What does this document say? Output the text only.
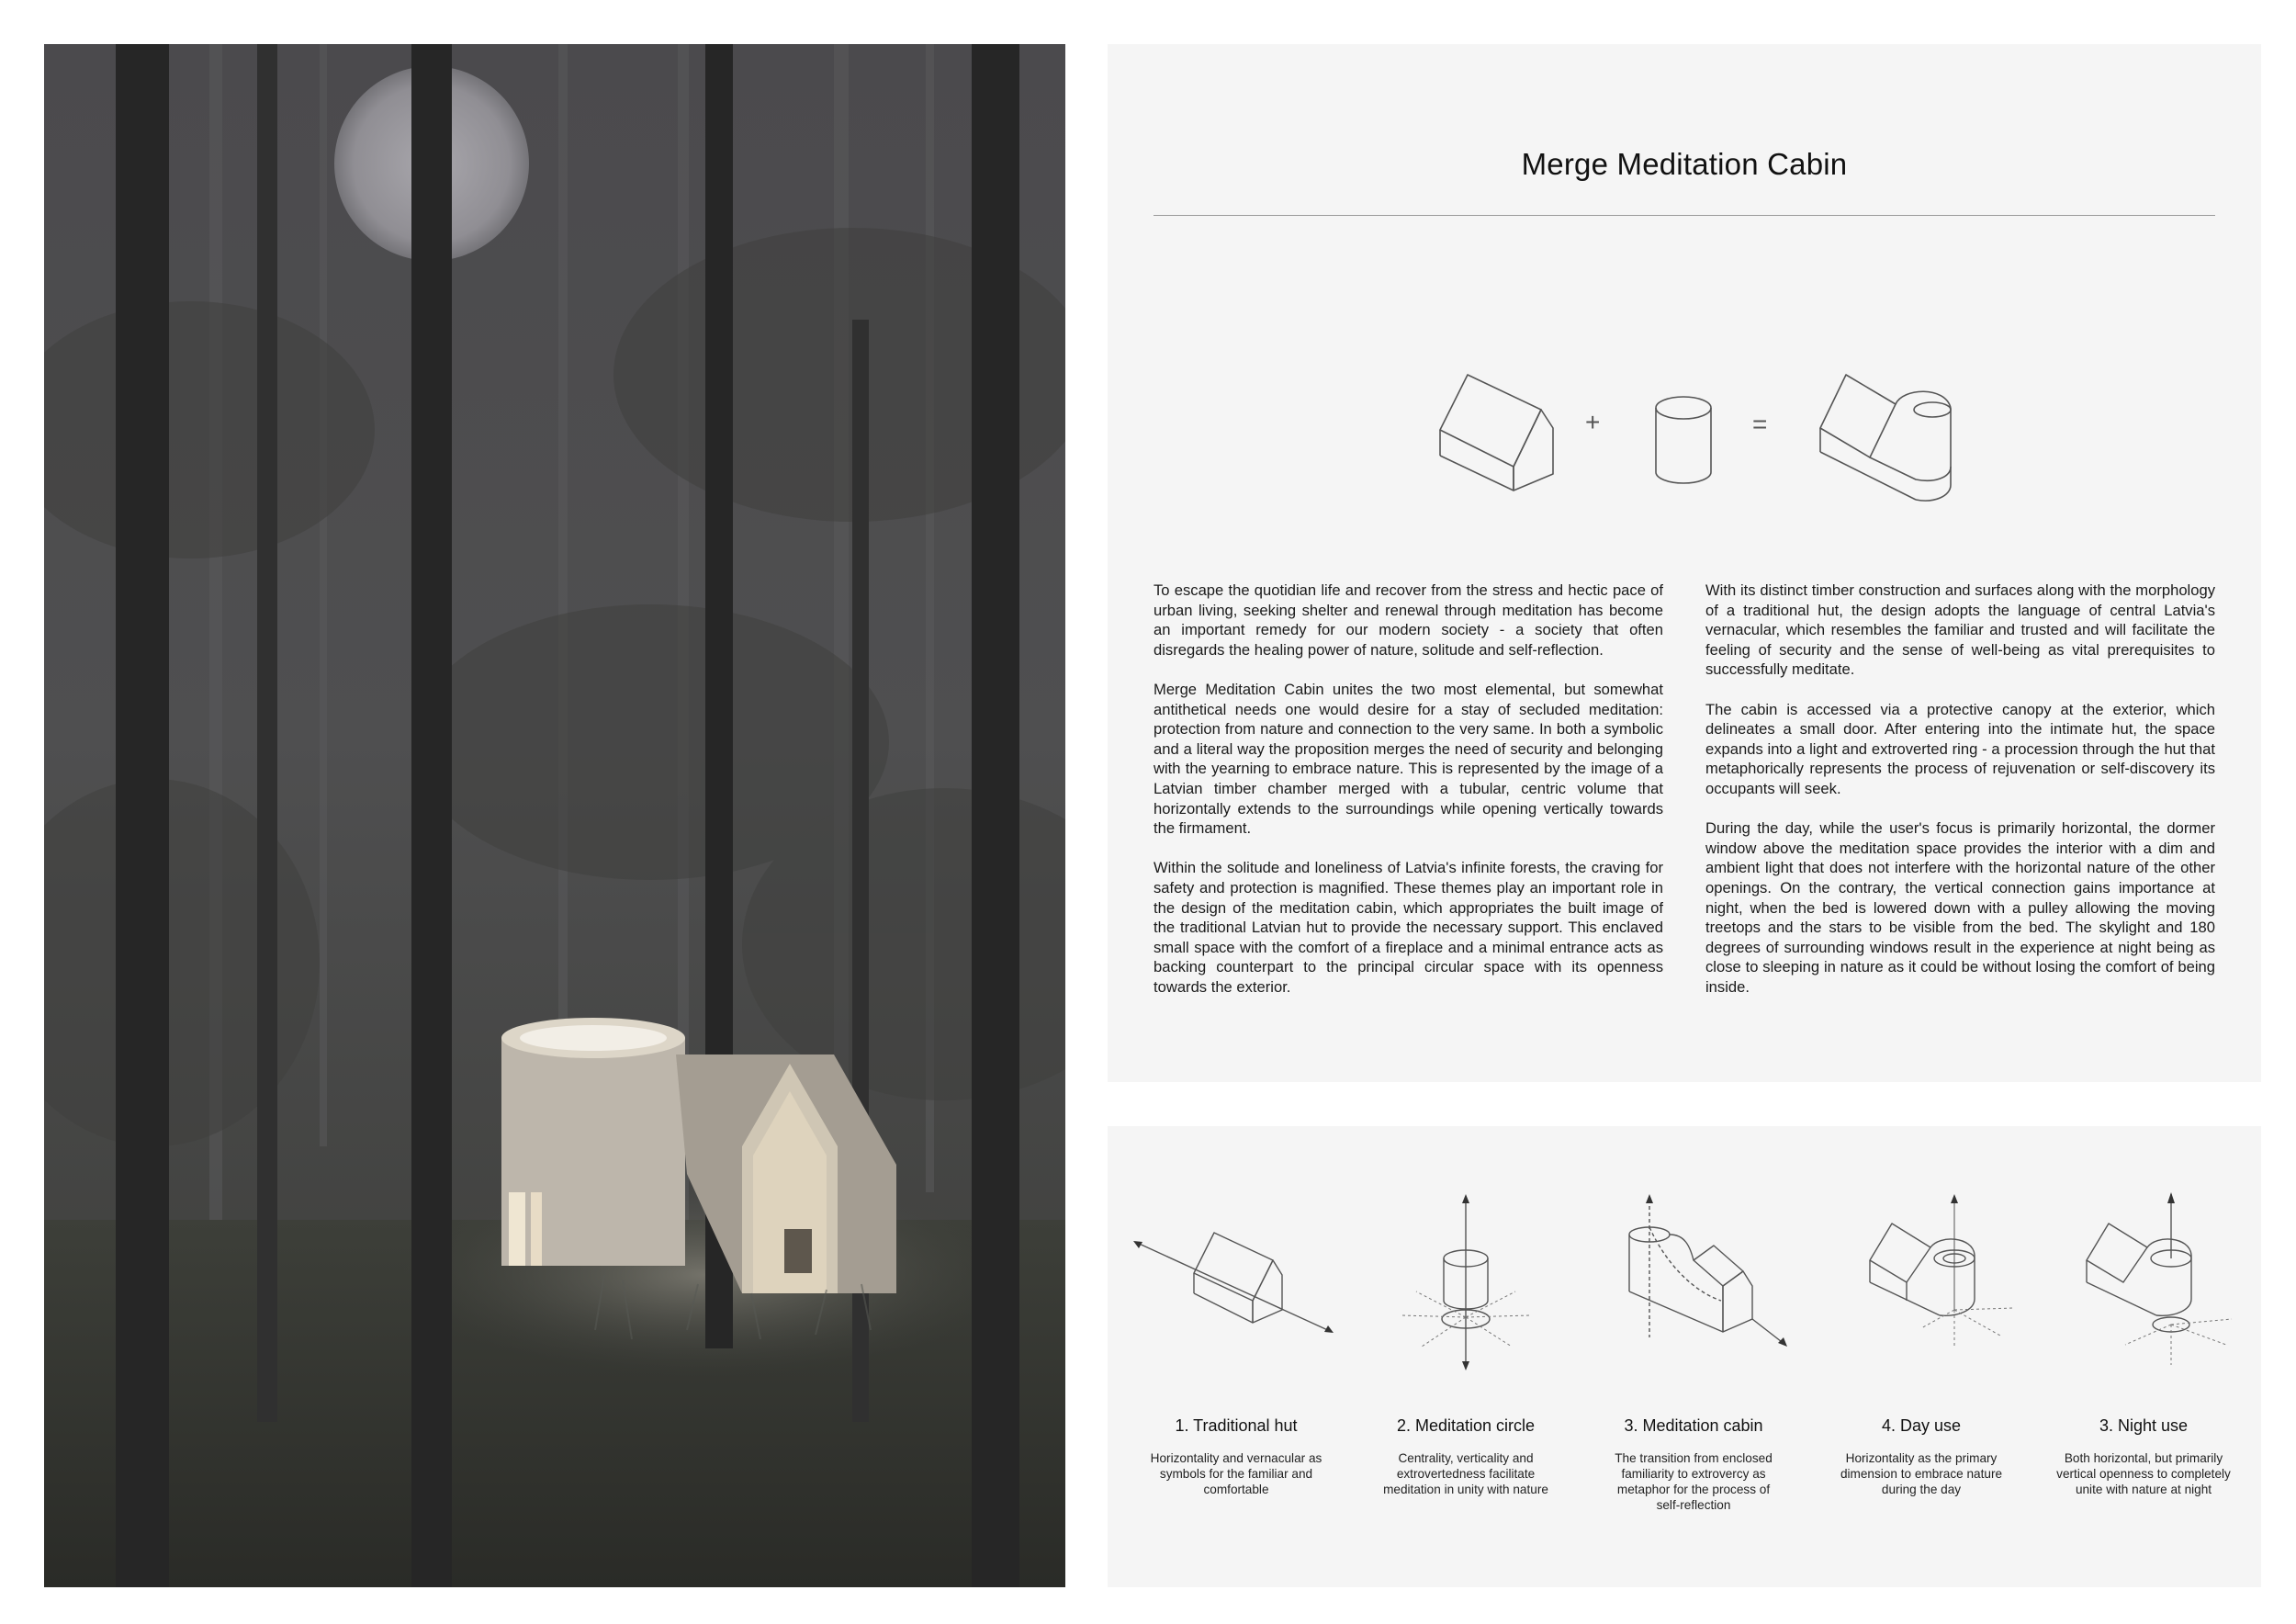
Merge Meditation Cabin
+	=

To escape the quotidian life and recover from the stress and hectic pace of urban living, seeking shelter and renewal through meditation has become an important remedy for our modern society - a society that often disregards the healing power of nature, solitude and self-reflection.

Merge Meditation Cabin unites the two most elemental, but somewhat antithetical needs one would desire for a stay of secluded meditation: protection from nature and connection to the very same. In both a symbolic and a literal way the proposition merges the need of security and belonging with the yearning to embrace nature. This is represented by the image of a Latvian timber chamber merged with a tubular, centric volume that horizontally extends to the surroundings while opening vertically towards the firmament.

Within the solitude and loneliness of Latvia's infinite forests, the craving for safety and protection is magnified. These themes play an important role in the design of the meditation cabin, which appropriates the built image of the traditional Latvian hut to provide the necessary support. This enclaved small space with the comfort of a fireplace and a minimal entrance acts as backing counterpart to the principal circular space with its openness towards the exterior.

With its distinct timber construction and surfaces along with the morphology of a traditional hut, the design adopts the language of central Latvia's vernacular, which resembles the familiar and trusted and will facilitate the feeling of security and the sense of well-being as vital prerequisites to successfully meditate.

The cabin is accessed via a protective canopy at the exterior, which delineates a small door. After entering into the intimate hut, the space expands into a light and extroverted ring - a procession through the hut that metaphorically represents the process of rejuvenation or self-discovery its occupants will seek.

During the day, while the user's focus is primarily horizontal, the dormer window above the meditation space provides the interior with a dim and ambient light that does not interfere with the horizontal nature of the other openings. On the contrary, the vertical connection gains importance at night, when the bed is lowered down with a pulley allowing the moving treetops and the stars to be visible from the bed. The skylight and 180 degrees of surrounding windows result in the experience at night being as close to sleeping in nature as it could be without losing the comfort of being inside.

1. Traditional hut
Horizontality and vernacular as symbols for the familiar and comfortable
2. Meditation circle
Centrality, verticality and extrovertedness facilitate meditation in unity with nature
3. Meditation cabin
The transition from enclosed familiarity to extrovercy as metaphor for the process of self-reflection
4. Day use
Horizontality as the primary dimension to embrace nature during the day
3. Night use
Both horizontal, but primarily vertical openness to completely unite with nature at night
